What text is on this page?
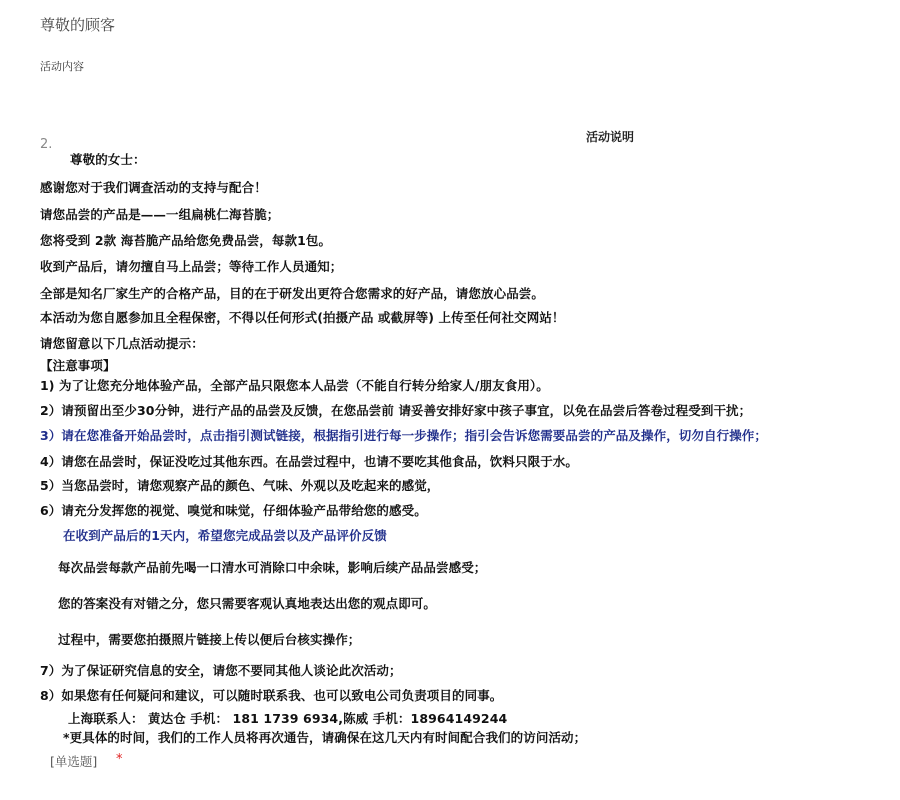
尊敬的顾客
活动内容
活动说明
2.
尊敬的女士：
感谢您对于我们调查活动的支持与配合！
请您品尝的产品是——一组扁桃仁海苔脆；
您将受到 2款 海苔脆产品给您免费品尝，每款1包。
收到产品后，请勿擅自马上品尝；等待工作人员通知；
全部是知名厂家生产的合格产品，目的在于研发出更符合您需求的好产品，请您放心品尝。
本活动为您自愿参加且全程保密，不得以任何形式(拍摄产品 或截屏等) 上传至任何社交网站！
请您留意以下几点活动提示：
【注意事项】
1) 为了让您充分地体验产品，全部产品只限您本人品尝（不能自行转分给家人/朋友食用）。
2）请预留出至少30分钟，进行产品的品尝及反馈，在您品尝前 请妥善安排好家中孩子事宜，以免在品尝后答卷过程受到干扰；
3）请在您准备开始品尝时，点击指引测试链接，根据指引进行每一步操作；指引会告诉您需要品尝的产品及操作，切勿自行操作；
4）请您在品尝时，保证没吃过其他东西。在品尝过程中，也请不要吃其他食品，饮料只限于水。
5）当您品尝时，请您观察产品的颜色、气味、外观以及吃起来的感觉，
6）请充分发挥您的视觉、嗅觉和味觉，仔细体验产品带给您的感受。
在收到产品后的1天内，希望您完成品尝以及产品评价反馈
每次品尝每款产品前先喝一口清水可消除口中余味，影响后续产品品尝感受；
您的答案没有对错之分，您只需要客观认真地表达出您的观点即可。
过程中，需要您拍摄照片链接上传以便后台核实操作；
7）为了保证研究信息的安全，请您不要同其他人谈论此次活动；
8）如果您有任何疑问和建议，可以随时联系我、也可以致电公司负责项目的同事。
上海联系人： 黄达仓 手机： 181 1739 6934,陈威 手机：18964149244
*更具体的时间，我们的工作人员将再次通告，请确保在这几天内有时间配合我们的访问活动；
[单选题] *
